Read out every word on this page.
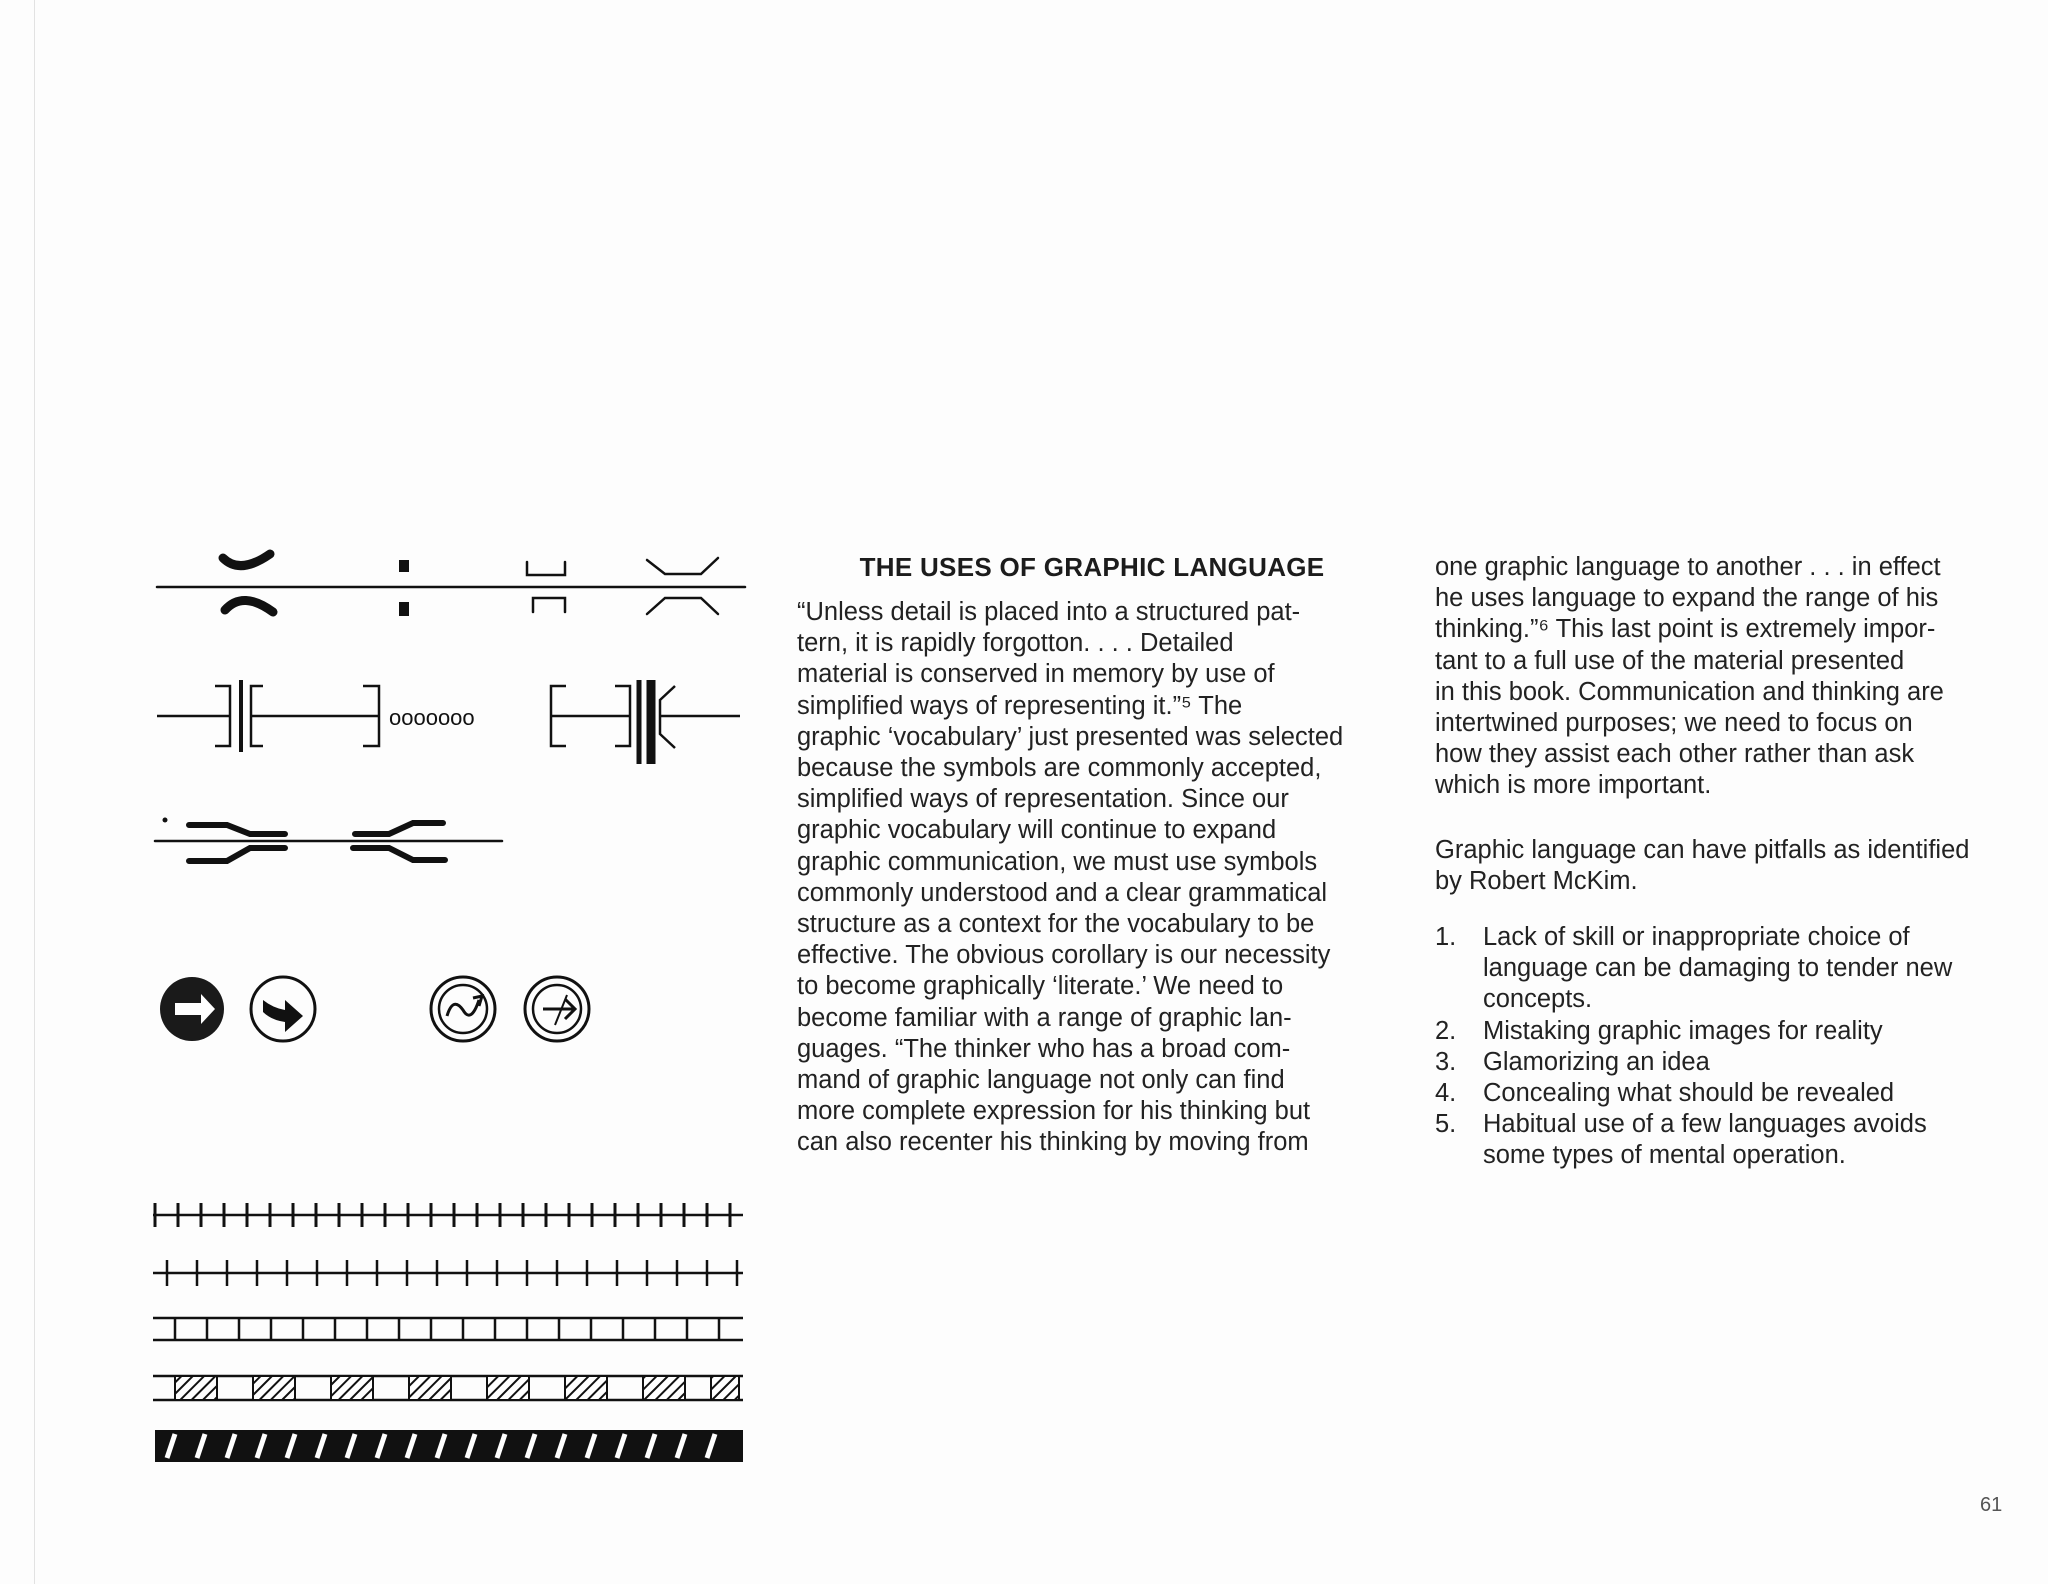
ooooooo
THE USES OF GRAPHIC LANGUAGE

“Unless detail is placed into a structured pat-
tern, it is rapidly forgotton. . . . Detailed
material is conserved in memory by use of
simplified ways of representing it.”⁵ The
graphic ‘vocabulary’ just presented was selected
because the symbols are commonly accepted,
simplified ways of representation. Since our
graphic vocabulary will continue to expand
graphic communication, we must use symbols
commonly understood and a clear grammatical
structure as a context for the vocabulary to be
effective. The obvious corollary is our necessity
to become graphically ‘literate.’ We need to
become familiar with a range of graphic lan-
guages. “The thinker who has a broad com-
mand of graphic language not only can find
more complete expression for his thinking but
can also recenter his thinking by moving from

one graphic language to another . . . in effect
he uses language to expand the range of his
thinking.”⁶ This last point is extremely impor-
tant to a full use of the material presented
in this book. Communication and thinking are
intertwined purposes; we need to focus on
how they assist each other rather than ask
which is more important.

Graphic language can have pitfalls as identified
by Robert McKim.

1. Lack of skill or inappropriate choice of
language can be damaging to tender new
concepts.
2. Mistaking graphic images for reality
3. Glamorizing an idea
4. Concealing what should be revealed
5. Habitual use of a few languages avoids
some types of mental operation.
61
